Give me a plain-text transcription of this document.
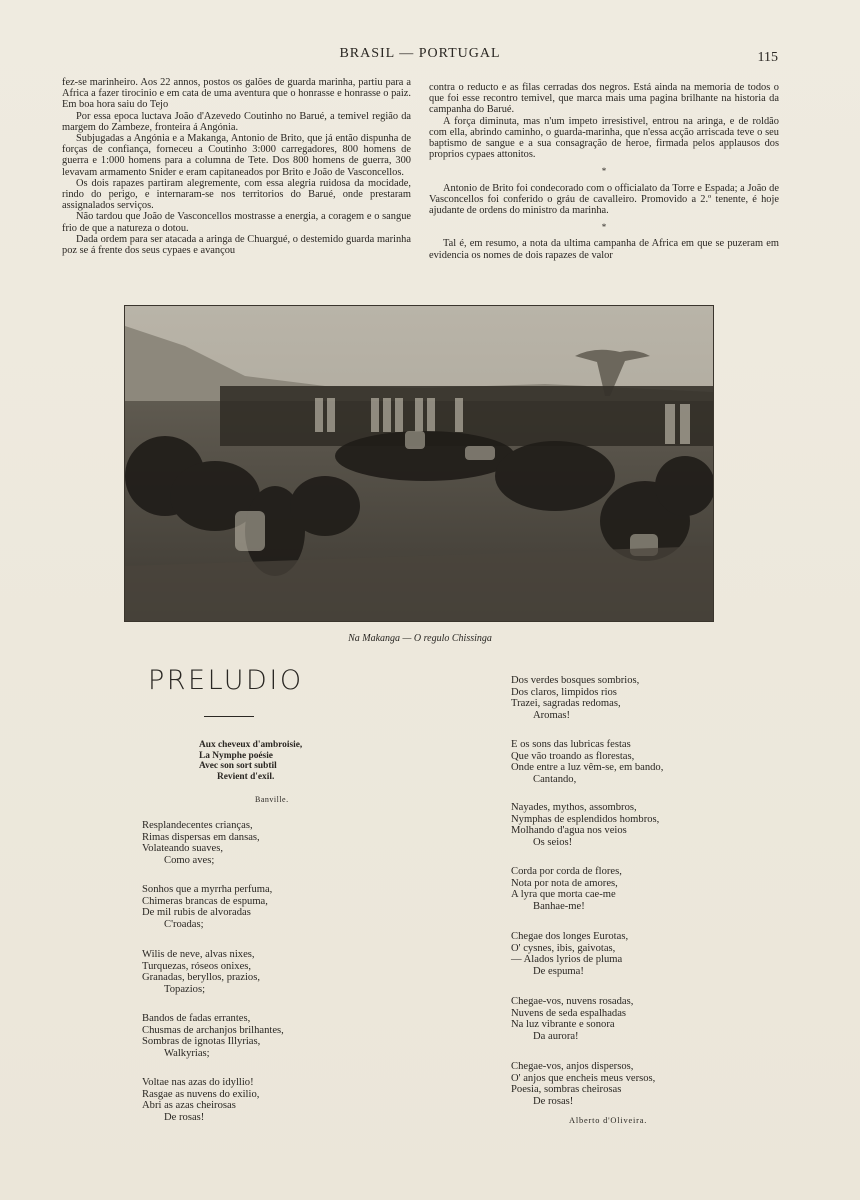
BRASIL — PORTUGAL	115

fez-se marinheiro. Aos 22 annos, postos os galões de guarda marinha, partiu para a Africa a fazer tirocinio e em cata de uma aventura que o honrasse e honrasse o paiz. Em boa hora saiu do Tejo

Por essa epoca luctava João d'Azevedo Coutinho no Barué, a temivel região da margem do Zambeze, fronteira á Angónia.

Subjugadas a Angónia e a Makanga, Antonio de Brito, que já então dispunha de forças de confiança, forneceu a Coutinho 3:000 carregadores, 800 homens de guerra e 1:000 homens para a columna de Tete. Dos 800 homens de guerra, 300 levavam armamento Snider e eram capitaneados por Brito e João de Vasconcellos.

Os dois rapazes partiram alegremente, com essa alegria ruidosa da mocidade, rindo do perigo, e internaram-se nos territorios do Barué, onde prestaram assignalados serviços.

Não tardou que João de Vasconcellos mostrasse a energia, a coragem e o sangue frio de que a natureza o dotou.

Dada ordem para ser atacada a aringa de Chuargué, o destemido guarda marinha poz se á frente dos seus cypaes e avançou

contra o reducto e as filas cerradas dos negros. Está ainda na memoria de todos o que foi esse recontro temivel, que marca mais uma pagina brilhante na historia da campanha do Barué.

A força diminuta, mas n'um impeto irresistivel, entrou na aringa, e de roldão com ella, abrindo caminho, o guarda-marinha, que n'essa acção arriscada teve o seu baptismo de sangue e a sua consagração de heroe, firmada pelos applausos dos proprios cypaes attonitos.

*

Antonio de Brito foi condecorado com o officialato da Torre e Espada; a João de Vasconcellos foi conferido o gráu de cavalleiro. Promovido a 2.º tenente, é hoje ajudante de ordens do ministro da marinha.

*

Tal é, em resumo, a nota da ultima campanha de Africa em que se puzeram em evidencia os nomes de dois rapazes de valor

Na Makanga — O regulo Chissinga
PRELUDIO
Aux cheveux d'ambroisie,
La Nymphe poésie
Avec son sort subtil
Revient d'exil.
Banville.
Resplandecentes crianças,
Rimas dispersas em dansas,
Volateando suaves,
Como aves;
Sonhos que a myrrha perfuma,
Chimeras brancas de espuma,
De mil rubis de alvoradas
C'roadas;
Wilis de neve, alvas nixes,
Turquezas, róseos onixes,
Granadas, beryllos, prazios,
Topazios;
Bandos de fadas errantes,
Chusmas de archanjos brilhantes,
Sombras de ignotas Illyrias,
Walkyrias;
Voltae nas azas do idyllio!
Rasgae as nuvens do exilio,
Abri as azas cheirosas
De rosas!
Dos verdes bosques sombrios,
Dos claros, limpidos rios
Trazei, sagradas redomas,
Aromas!
E os sons das lubricas festas
Que vão troando as florestas,
Onde entre a luz vêm-se, em bando,
Cantando,
Nayades, mythos, assombros,
Nymphas de esplendidos hombros,
Molhando d'agua nos veios
Os seios!
Corda por corda de flores,
Nota por nota de amores,
A lyra que morta cae-me
Banhae-me!
Chegae dos longes Eurotas,
O' cysnes, ibis, gaivotas,
— Alados lyrios de pluma
De espuma!
Chegae-vos, nuvens rosadas,
Nuvens de seda espalhadas
Na luz vibrante e sonora
Da aurora!
Chegae-vos, anjos dispersos,
O' anjos que encheis meus versos,
Poesia, sombras cheirosas
De rosas!
Alberto d'Oliveira.
